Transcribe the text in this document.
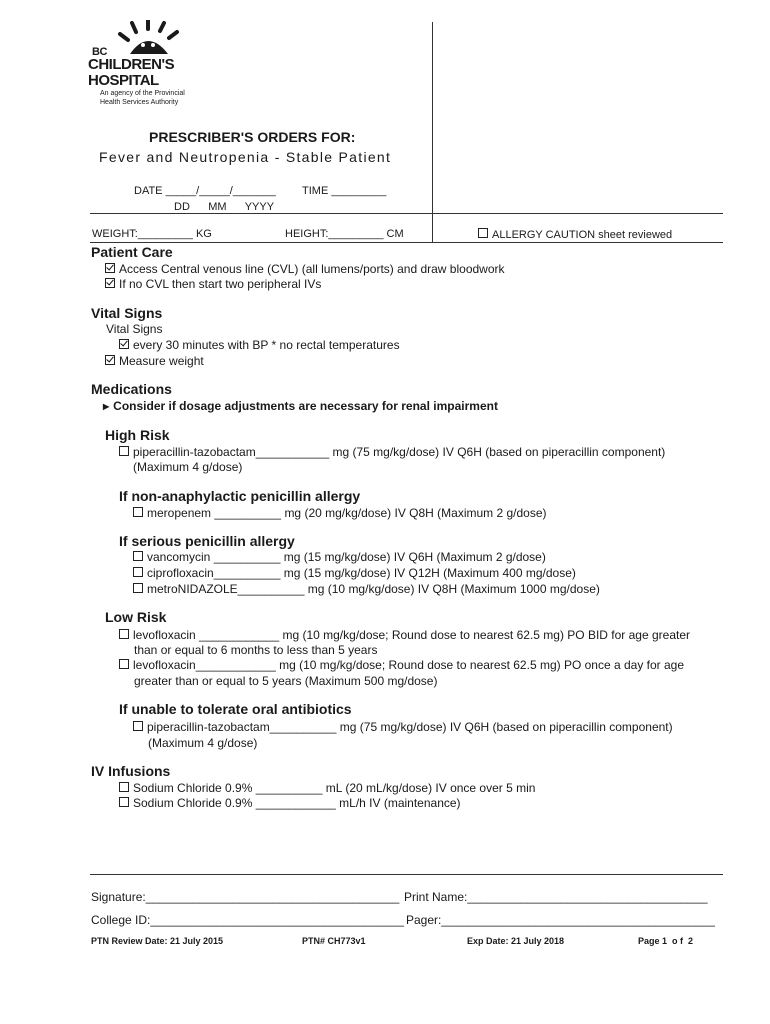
BC
CHILDREN'S
HOSPITAL
An agency of the Provincial
Health Services Authority
PRESCRIBER'S ORDERS FOR:
Fever and Neutropenia - Stable Patient
DATE _____/_____/_______ TIME _________
DD      MM      YYYY
WEIGHT:_________ KG	HEIGHT:_________ CM	ALLERGY CAUTION sheet reviewed
Patient Care
Access Central venous line (CVL) (all lumens/ports) and draw bloodwork
If no CVL then start two peripheral IVs
Vital Signs
Vital Signs
every 30 minutes with BP * no rectal temperatures
Measure weight
Medications
▶ Consider if dosage adjustments are necessary for renal impairment
High Risk
piperacillin-tazobactam___________ mg (75 mg/kg/dose) IV Q6H (based on piperacillin component)
(Maximum 4 g/dose)
If non-anaphylactic penicillin allergy
meropenem __________ mg (20 mg/kg/dose) IV Q8H (Maximum 2 g/dose)
If serious penicillin allergy
vancomycin __________ mg (15 mg/kg/dose) IV Q6H (Maximum 2 g/dose)
ciprofloxacin__________ mg (15 mg/kg/dose) IV Q12H (Maximum 400 mg/dose)
metroNIDAZOLE__________ mg (10 mg/kg/dose) IV Q8H (Maximum 1000 mg/dose)
Low Risk
levofloxacin ____________ mg (10 mg/kg/dose; Round dose to nearest 62.5 mg) PO BID for age greater
than or equal to 6 months to less than 5 years
levofloxacin____________ mg (10 mg/kg/dose; Round dose to nearest 62.5 mg) PO once a day for age
greater than or equal to 5 years (Maximum 500 mg/dose)
If unable to tolerate oral antibiotics
piperacillin-tazobactam__________ mg (75 mg/kg/dose) IV Q6H (based on piperacillin component)
(Maximum 4 g/dose)
IV Infusions
Sodium Chloride 0.9% __________ mL (20 mL/kg/dose) IV once over 5 min
Sodium Chloride 0.9% ____________ mL/h IV (maintenance)
Signature:______________________________________ Print Name:____________________________________
College ID:______________________________________ Pager:_________________________________________
PTN Review Date: 21 July 2015	PTN# CH773v1	Exp Date: 21 July 2018	Page 1  o f  2
